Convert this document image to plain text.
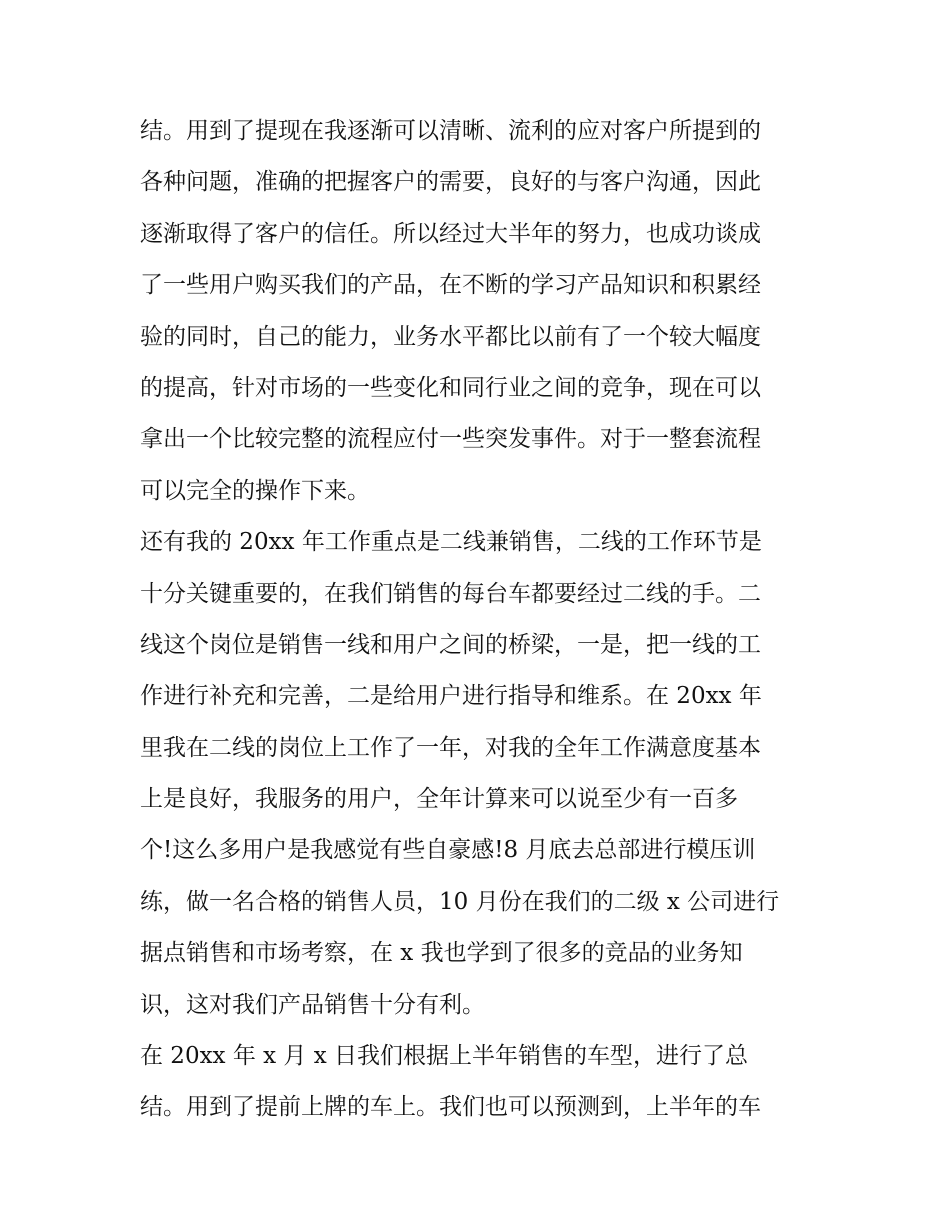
结。用到了提现在我逐渐可以清晰、流利的应对客户所提到的
各种问题，准确的把握客户的需要，良好的与客户沟通，因此
逐渐取得了客户的信任。所以经过大半年的努力，也成功谈成
了一些用户购买我们的产品，在不断的学习产品知识和积累经
验的同时，自己的能力，业务水平都比以前有了一个较大幅度
的提高，针对市场的一些变化和同行业之间的竞争，现在可以
拿出一个比较完整的流程应付一些突发事件。对于一整套流程
可以完全的操作下来。
还有我的 20xx 年工作重点是二线兼销售，二线的工作环节是
十分关键重要的，在我们销售的每台车都要经过二线的手。二
线这个岗位是销售一线和用户之间的桥梁，一是，把一线的工
作进行补充和完善，二是给用户进行指导和维系。在 20xx 年
里我在二线的岗位上工作了一年，对我的全年工作满意度基本
上是良好，我服务的用户，全年计算来可以说至少有一百多
个!这么多用户是我感觉有些自豪感!8 月底去总部进行模压训
练，做一名合格的销售人员，10 月份在我们的二级 x 公司进行
据点销售和市场考察，在 x 我也学到了很多的竞品的业务知
识，这对我们产品销售十分有利。
在 20xx 年 x 月 x 日我们根据上半年销售的车型，进行了总
结。用到了提前上牌的车上。我们也可以预测到，上半年的车
